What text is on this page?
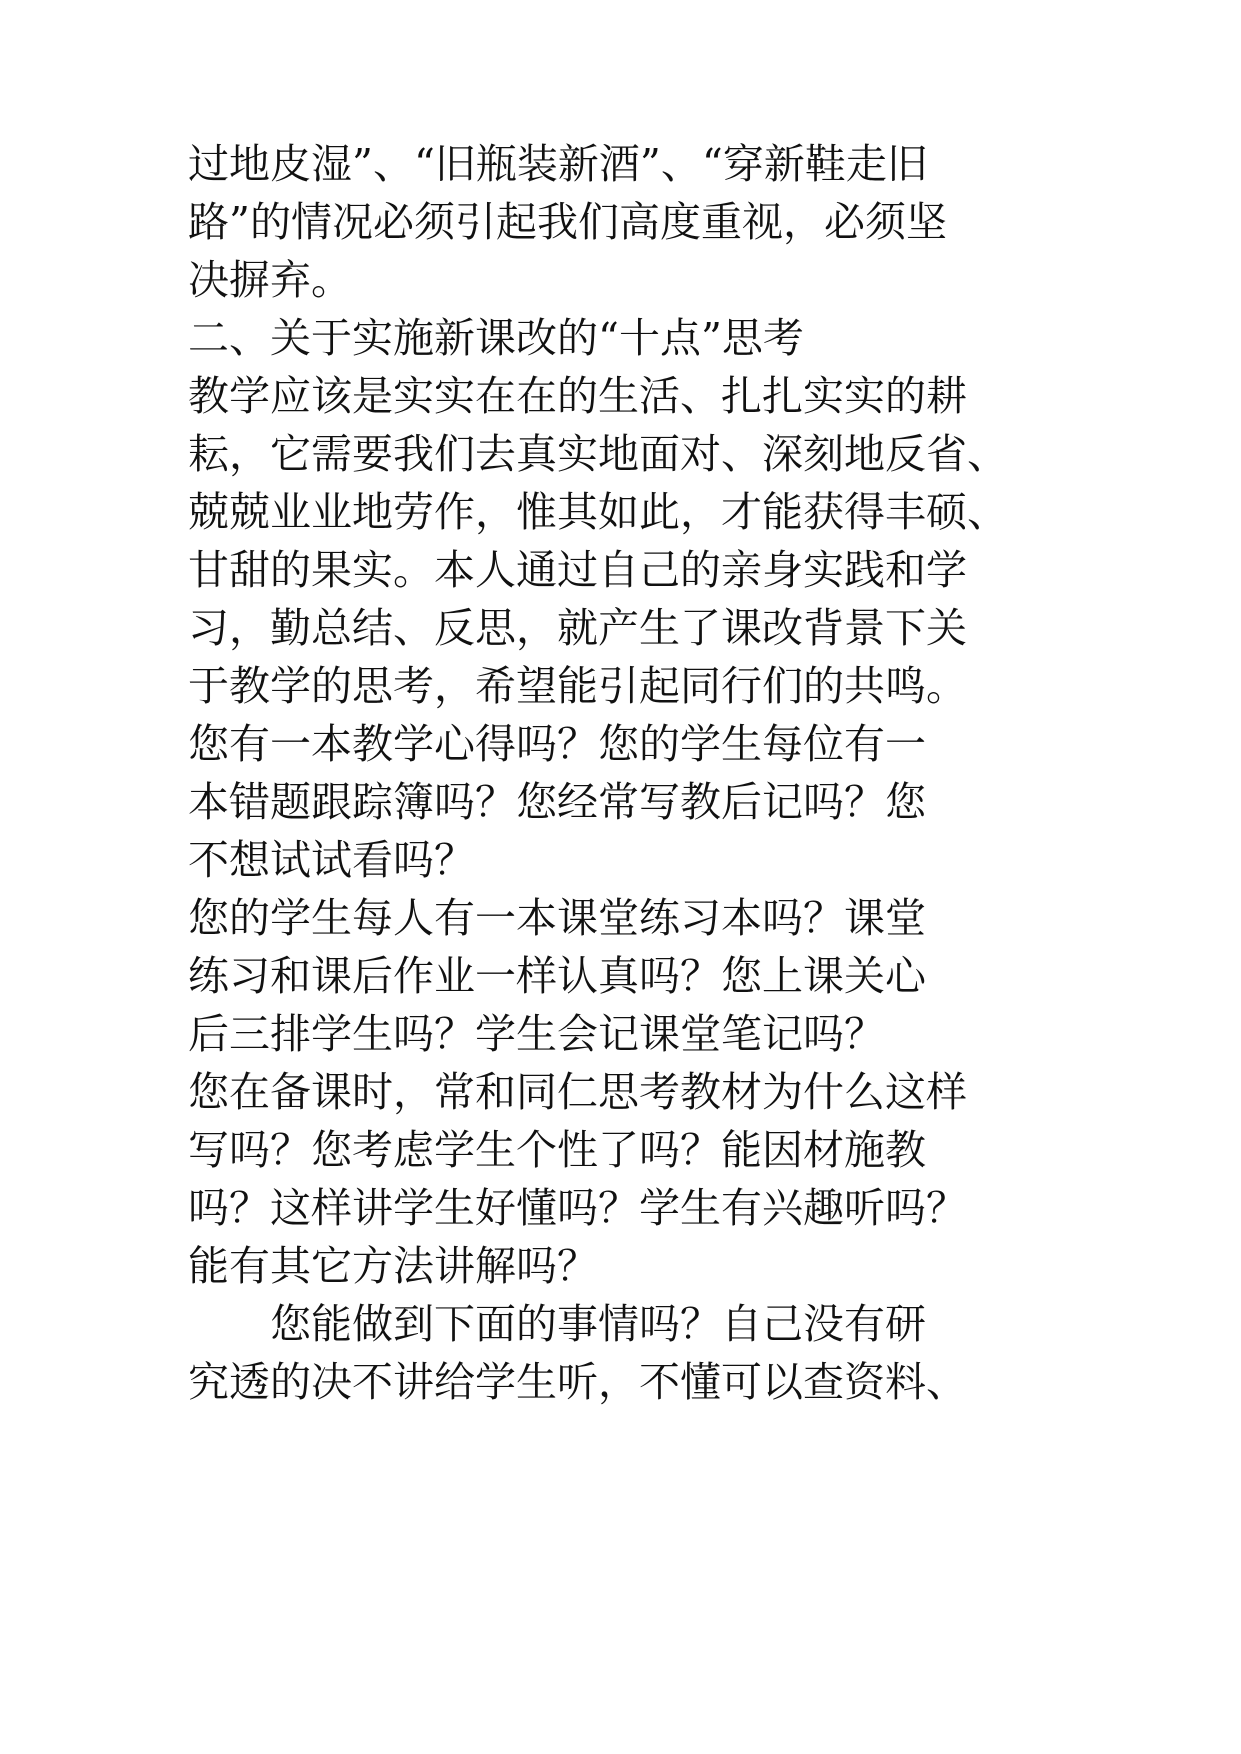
过地皮湿”、“旧瓶装新酒”、“穿新鞋走旧
路”的情况必须引起我们高度重视，必须坚
决摒弃。
二、关于实施新课改的“十点”思考
教学应该是实实在在的生活、扎扎实实的耕
耘，它需要我们去真实地面对、深刻地反省、
兢兢业业地劳作，惟其如此，才能获得丰硕、
甘甜的果实。本人通过自己的亲身实践和学
习，勤总结、反思，就产生了课改背景下关
于教学的思考，希望能引起同行们的共鸣。
您有一本教学心得吗？您的学生每位有一
本错题跟踪簿吗？您经常写教后记吗？您
不想试试看吗？
您的学生每人有一本课堂练习本吗？课堂
练习和课后作业一样认真吗？您上课关心
后三排学生吗？学生会记课堂笔记吗？
您在备课时，常和同仁思考教材为什么这样
写吗？您考虑学生个性了吗？能因材施教
吗？这样讲学生好懂吗？学生有兴趣听吗？
能有其它方法讲解吗？
　　您能做到下面的事情吗？自己没有研
究透的决不讲给学生听，不懂可以查资料、
